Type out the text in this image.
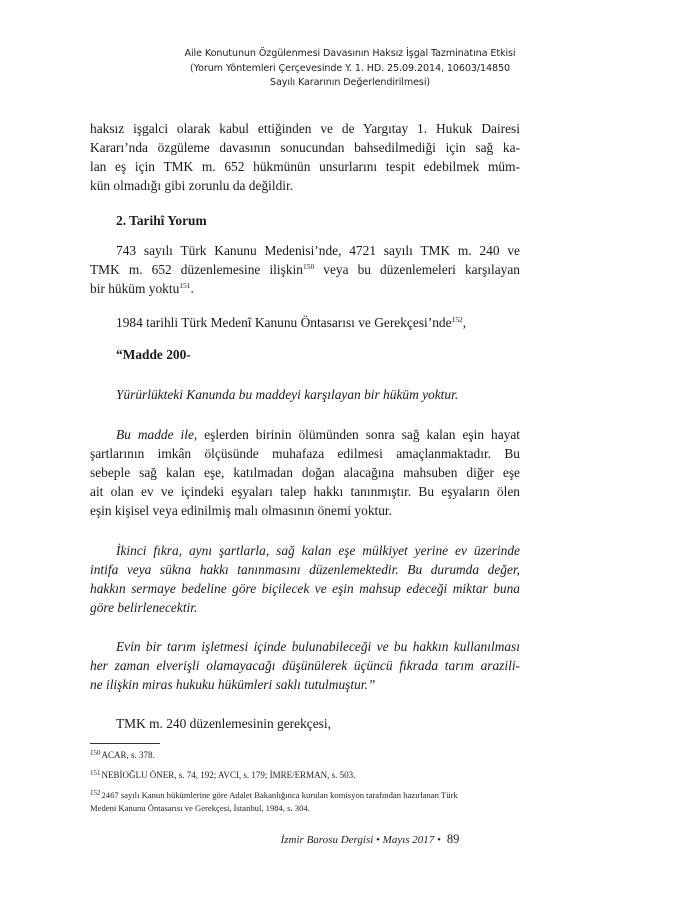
Aile Konutunun Özgülenmesi Davasının Haksız İşgal Tazminatına Etkisi
(Yorum Yöntemleri Çerçevesinde Y. 1. HD. 25.09.2014, 10603/14850
Sayılı Kararının Değerlendirilmesi)

haksız işgalci olarak kabul ettiğinden ve de Yargıtay 1. Hukuk Dairesi

Kararı’nda özgüleme davasının sonucundan bahsedilmediği için sağ ka-

lan eş için TMK m. 652 hükmünün unsurlarını tespit edebilmek müm-

kün olmadığı gibi zorunlu da değildir.

2. Tarihî Yorum

743 sayılı Türk Kanunu Medenisi’nde, 4721 sayılı TMK m. 240 ve

TMK m. 652 düzenlemesine ilişkin$^{150}$ veya bu düzenlemeleri karşılayan

bir hüküm yoktu$^{151}$.

1984 tarihli Türk Medenî Kanunu Öntasarısı ve Gerekçesi’nde$^{152}$,

“Madde 200-

Yürürlükteki Kanunda bu maddeyi karşılayan bir hüküm yoktur.

Bu madde ile, eşlerden birinin ölümünden sonra sağ kalan eşin hayat

şartlarının imkân ölçüsünde muhafaza edilmesi amaçlanmaktadır. Bu

sebeple sağ kalan eşe, katılmadan doğan alacağına mahsuben diğer eşe

ait olan ev ve içindeki eşyaları talep hakkı tanınmıştır. Bu eşyaların ölen

eşin kişisel veya edinilmiş malı olmasının önemi yoktur.

İkinci fıkra, aynı şartlarla, sağ kalan eşe mülkiyet yerine ev üzerinde

intifa veya sükna hakkı tanınmasını düzenlemektedir. Bu durumda değer,

hakkın sermaye bedeline göre biçilecek ve eşin mahsup edeceği miktar buna

göre belirlenecektir.

Evin bir tarım işletmesi içinde bulunabileceği ve bu hakkın kullanılması

her zaman elverişli olamayacağı düşünülerek üçüncü fıkrada tarım arazili-

ne ilişkin miras hukuku hükümleri saklı tutulmuştur.”

TMK m. 240 düzenlemesinin gerekçesi,

$^{150}$ACAR, s. 378.
$^{151}$NEBİOĞLU ÖNER, s. 74, 192; AVCI, s. 179; İMRE/ERMAN, s. 503.
$^{152}$2467 sayılı Kanun hükümlerine göre Adalet Bakanlığınca kurulan komisyon tarafından hazırlanan Türk
Medeni Kanunu Öntasarısı ve Gerekçesi, İstanbul, 1984, s. 304.
İzmir Barosu Dergisi • Mayıs 2017 • 89
